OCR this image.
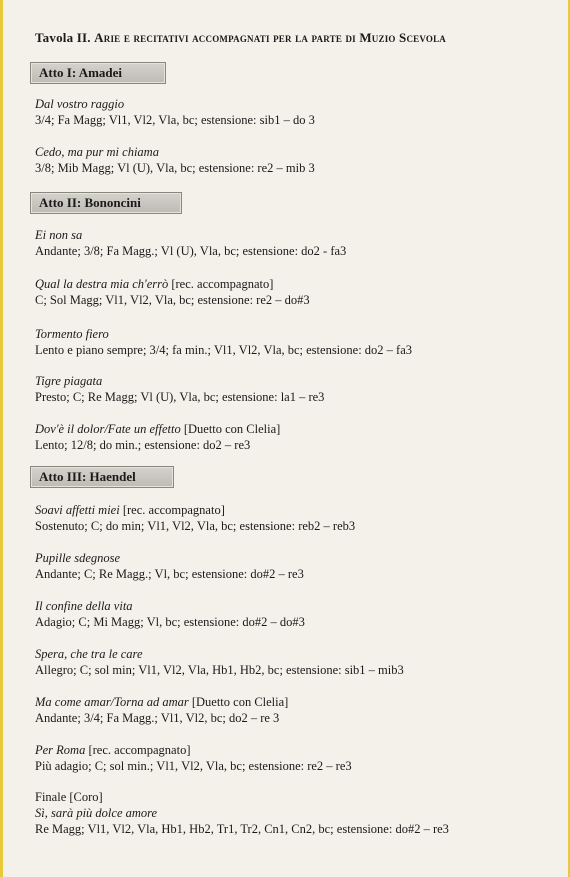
Tavola II. Arie e recitativi accompagnati per la parte di Muzio Scevola
Atto I: Amadei
Dal vostro raggio
3/4; Fa Magg; Vl1, Vl2, Vla, bc; estensione: sib1 – do 3
Cedo, ma pur mi chiama
3/8; Mib Magg; Vl (U), Vla, bc; estensione: re2 – mib 3
Atto II: Bononcini
Ei non sa
Andante; 3/8; Fa Magg.; Vl (U), Vla, bc; estensione: do2 - fa3
Qual la destra mia ch'errò [rec. accompagnato]
C; Sol Magg; Vl1, Vl2, Vla, bc; estensione: re2 – do#3
Tormento fiero
Lento e piano sempre; 3/4; fa min.; Vl1, Vl2, Vla, bc; estensione: do2 – fa3
Tigre piagata
Presto; C; Re Magg; Vl (U), Vla, bc; estensione: la1 – re3
Dov'è il dolor/Fate un effetto [Duetto con Clelia]
Lento; 12/8; do min.; estensione: do2 – re3
Atto III: Haendel
Soavi affetti miei [rec. accompagnato]
Sostenuto; C; do min; Vl1, Vl2, Vla, bc; estensione: reb2 – reb3
Pupille sdegnose
Andante; C; Re Magg.; Vl, bc; estensione: do#2 – re3
Il confine della vita
Adagio; C; Mi Magg; Vl, bc; estensione: do#2 – do#3
Spera, che tra le care
Allegro; C; sol min; Vl1, Vl2, Vla, Hb1, Hb2, bc; estensione: sib1 – mib3
Ma come amar/Torna ad amar [Duetto con Clelia]
Andante; 3/4; Fa Magg.; Vl1, Vl2, bc; do2 – re 3
Per Roma [rec. accompagnato]
Più adagio; C; sol min.; Vl1, Vl2, Vla, bc; estensione: re2 – re3
Finale [Coro]
Sì, sarà più dolce amore
Re Magg; Vl1, Vl2, Vla, Hb1, Hb2, Tr1, Tr2, Cn1, Cn2, bc; estensione: do#2 – re3
